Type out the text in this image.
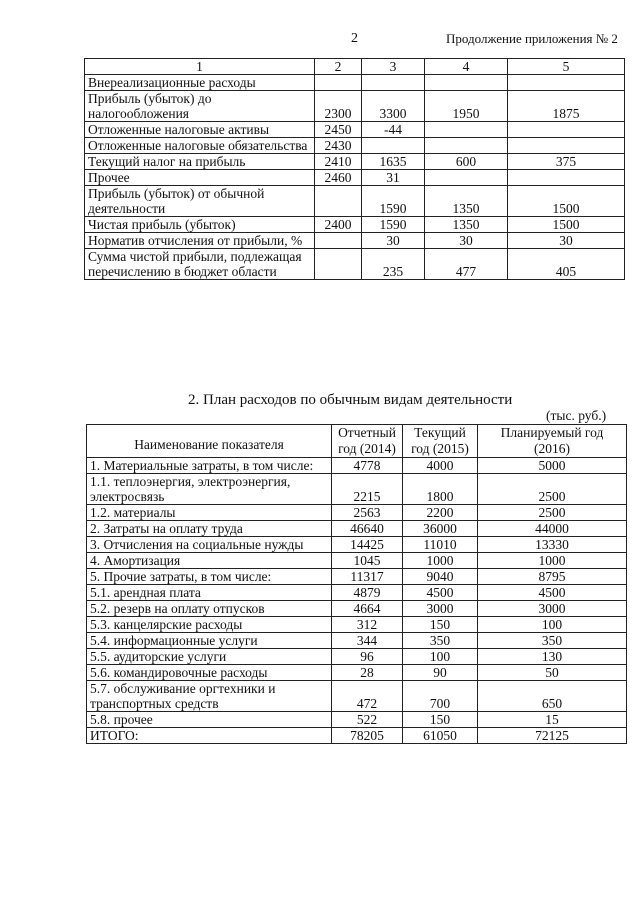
2	Продолжение приложения № 2
1	2	3	4	5
Внереализационные расходы				
Прибыль (убыток) до налогообложения	2300	3300	1950	1875
Отложенные налоговые активы	2450	-44		
Отложенные налоговые обязательства	2430			
Текущий налог на прибыль	2410	1635	600	375
Прочее	2460	31		
Прибыль (убыток) от обычной деятельности		1590	1350	1500
Чистая прибыль (убыток)	2400	1590	1350	1500
Норматив отчисления от прибыли, %		30	30	30
Сумма чистой прибыли, подлежащая перечислению в бюджет области		235	477	405
2. План расходов по обычным видам деятельности
(тыс. руб.)
Наименование показателя	Отчетный год (2014)	Текущий год (2015)	Планируемый год (2016)
1. Материальные затраты, в том числе:	4778	4000	5000
1.1. теплоэнергия, электроэнергия, электросвязь	2215	1800	2500
1.2. материалы	2563	2200	2500
2. Затраты на оплату труда	46640	36000	44000
3. Отчисления на социальные нужды	14425	11010	13330
4. Амортизация	1045	1000	1000
5. Прочие затраты, в том числе:	11317	9040	8795
5.1. арендная плата	4879	4500	4500
5.2. резерв на оплату отпусков	4664	3000	3000
5.3. канцелярские расходы	312	150	100
5.4. информационные услуги	344	350	350
5.5. аудиторские услуги	96	100	130
5.6. командировочные расходы	28	90	50
5.7. обслуживание оргтехники и транспортных средств	472	700	650
5.8. прочее	522	150	15
ИТОГО:	78205	61050	72125
